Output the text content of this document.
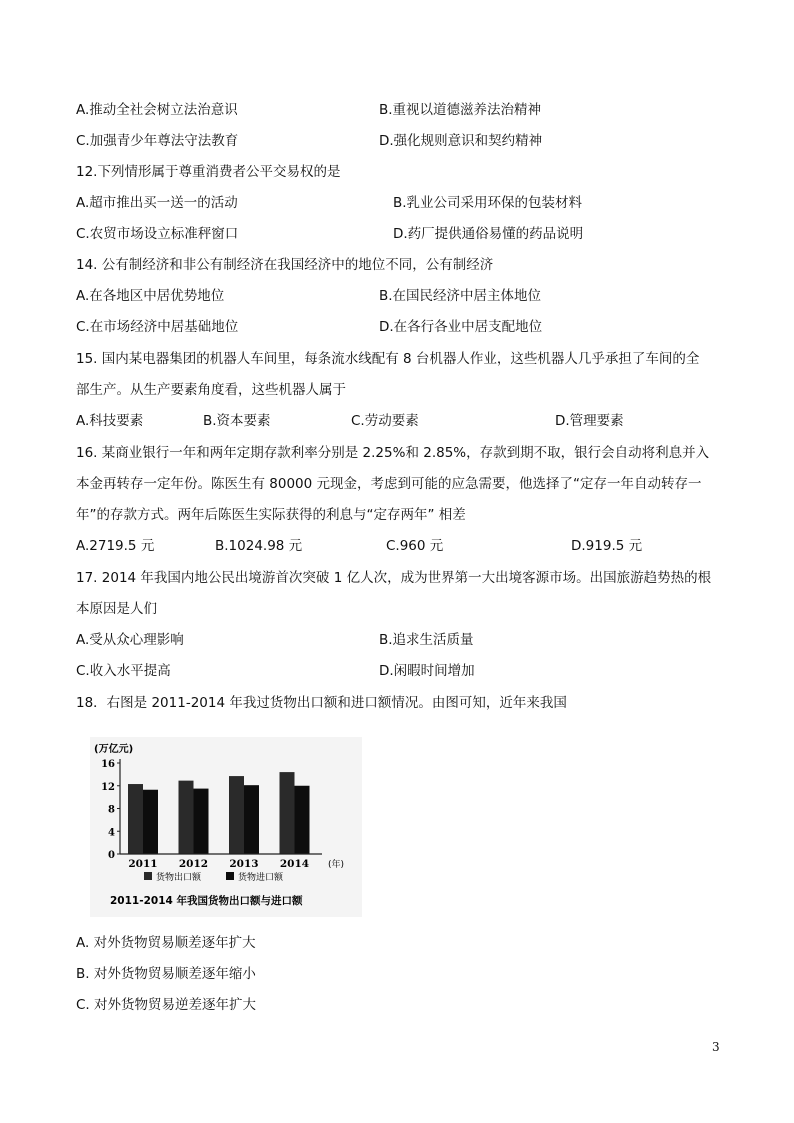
A.推动全社会树立法治意识	B.重视以道德滋养法治精神
C.加强青少年尊法守法教育	D.强化规则意识和契约精神
12.下列情形属于尊重消费者公平交易权的是
A.超市推出买一送一的活动	B.乳业公司采用环保的包装材料
C.农贸市场设立标准秤窗口	D.药厂提供通俗易懂的药品说明
14. 公有制经济和非公有制经济在我国经济中的地位不同，公有制经济
A.在各地区中居优势地位	B.在国民经济中居主体地位
C.在市场经济中居基础地位	D.在各行各业中居支配地位
15. 国内某电器集团的机器人车间里，每条流水线配有 8 台机器人作业，这些机器人几乎承担了车间的全
部生产。从生产要素角度看，这些机器人属于
A.科技要素	B.资本要素	C.劳动要素	D.管理要素
16. 某商业银行一年和两年定期存款利率分别是 2.25%和 2.85%，存款到期不取，银行会自动将利息并入
本金再转存一定年份。陈医生有 80000 元现金，考虑到可能的应急需要，他选择了“定存一年自动转存一
年”的存款方式。两年后陈医生实际获得的利息与“定存两年” 相差
A.2719.5 元	B.1024.98 元	C.960 元	D.919.5 元
17. 2014 年我国内地公民出境游首次突破 1 亿人次，成为世界第一大出境客源市场。出国旅游趋势热的根
本原因是人们
A.受从众心理影响	B.追求生活质量
C.收入水平提高	D.闲暇时间增加
18．右图是 2011-2014 年我过货物出口额和进口额情况。由图可知，近年来我国
(万亿元)
0
4
8
12
16
2011 2012 2013 2014 (年)
货物出口额	货物进口额
2011-2014 年我国货物出口额与进口额
A. 对外货物贸易顺差逐年扩大
B. 对外货物贸易顺差逐年缩小
C. 对外货物贸易逆差逐年扩大
3
